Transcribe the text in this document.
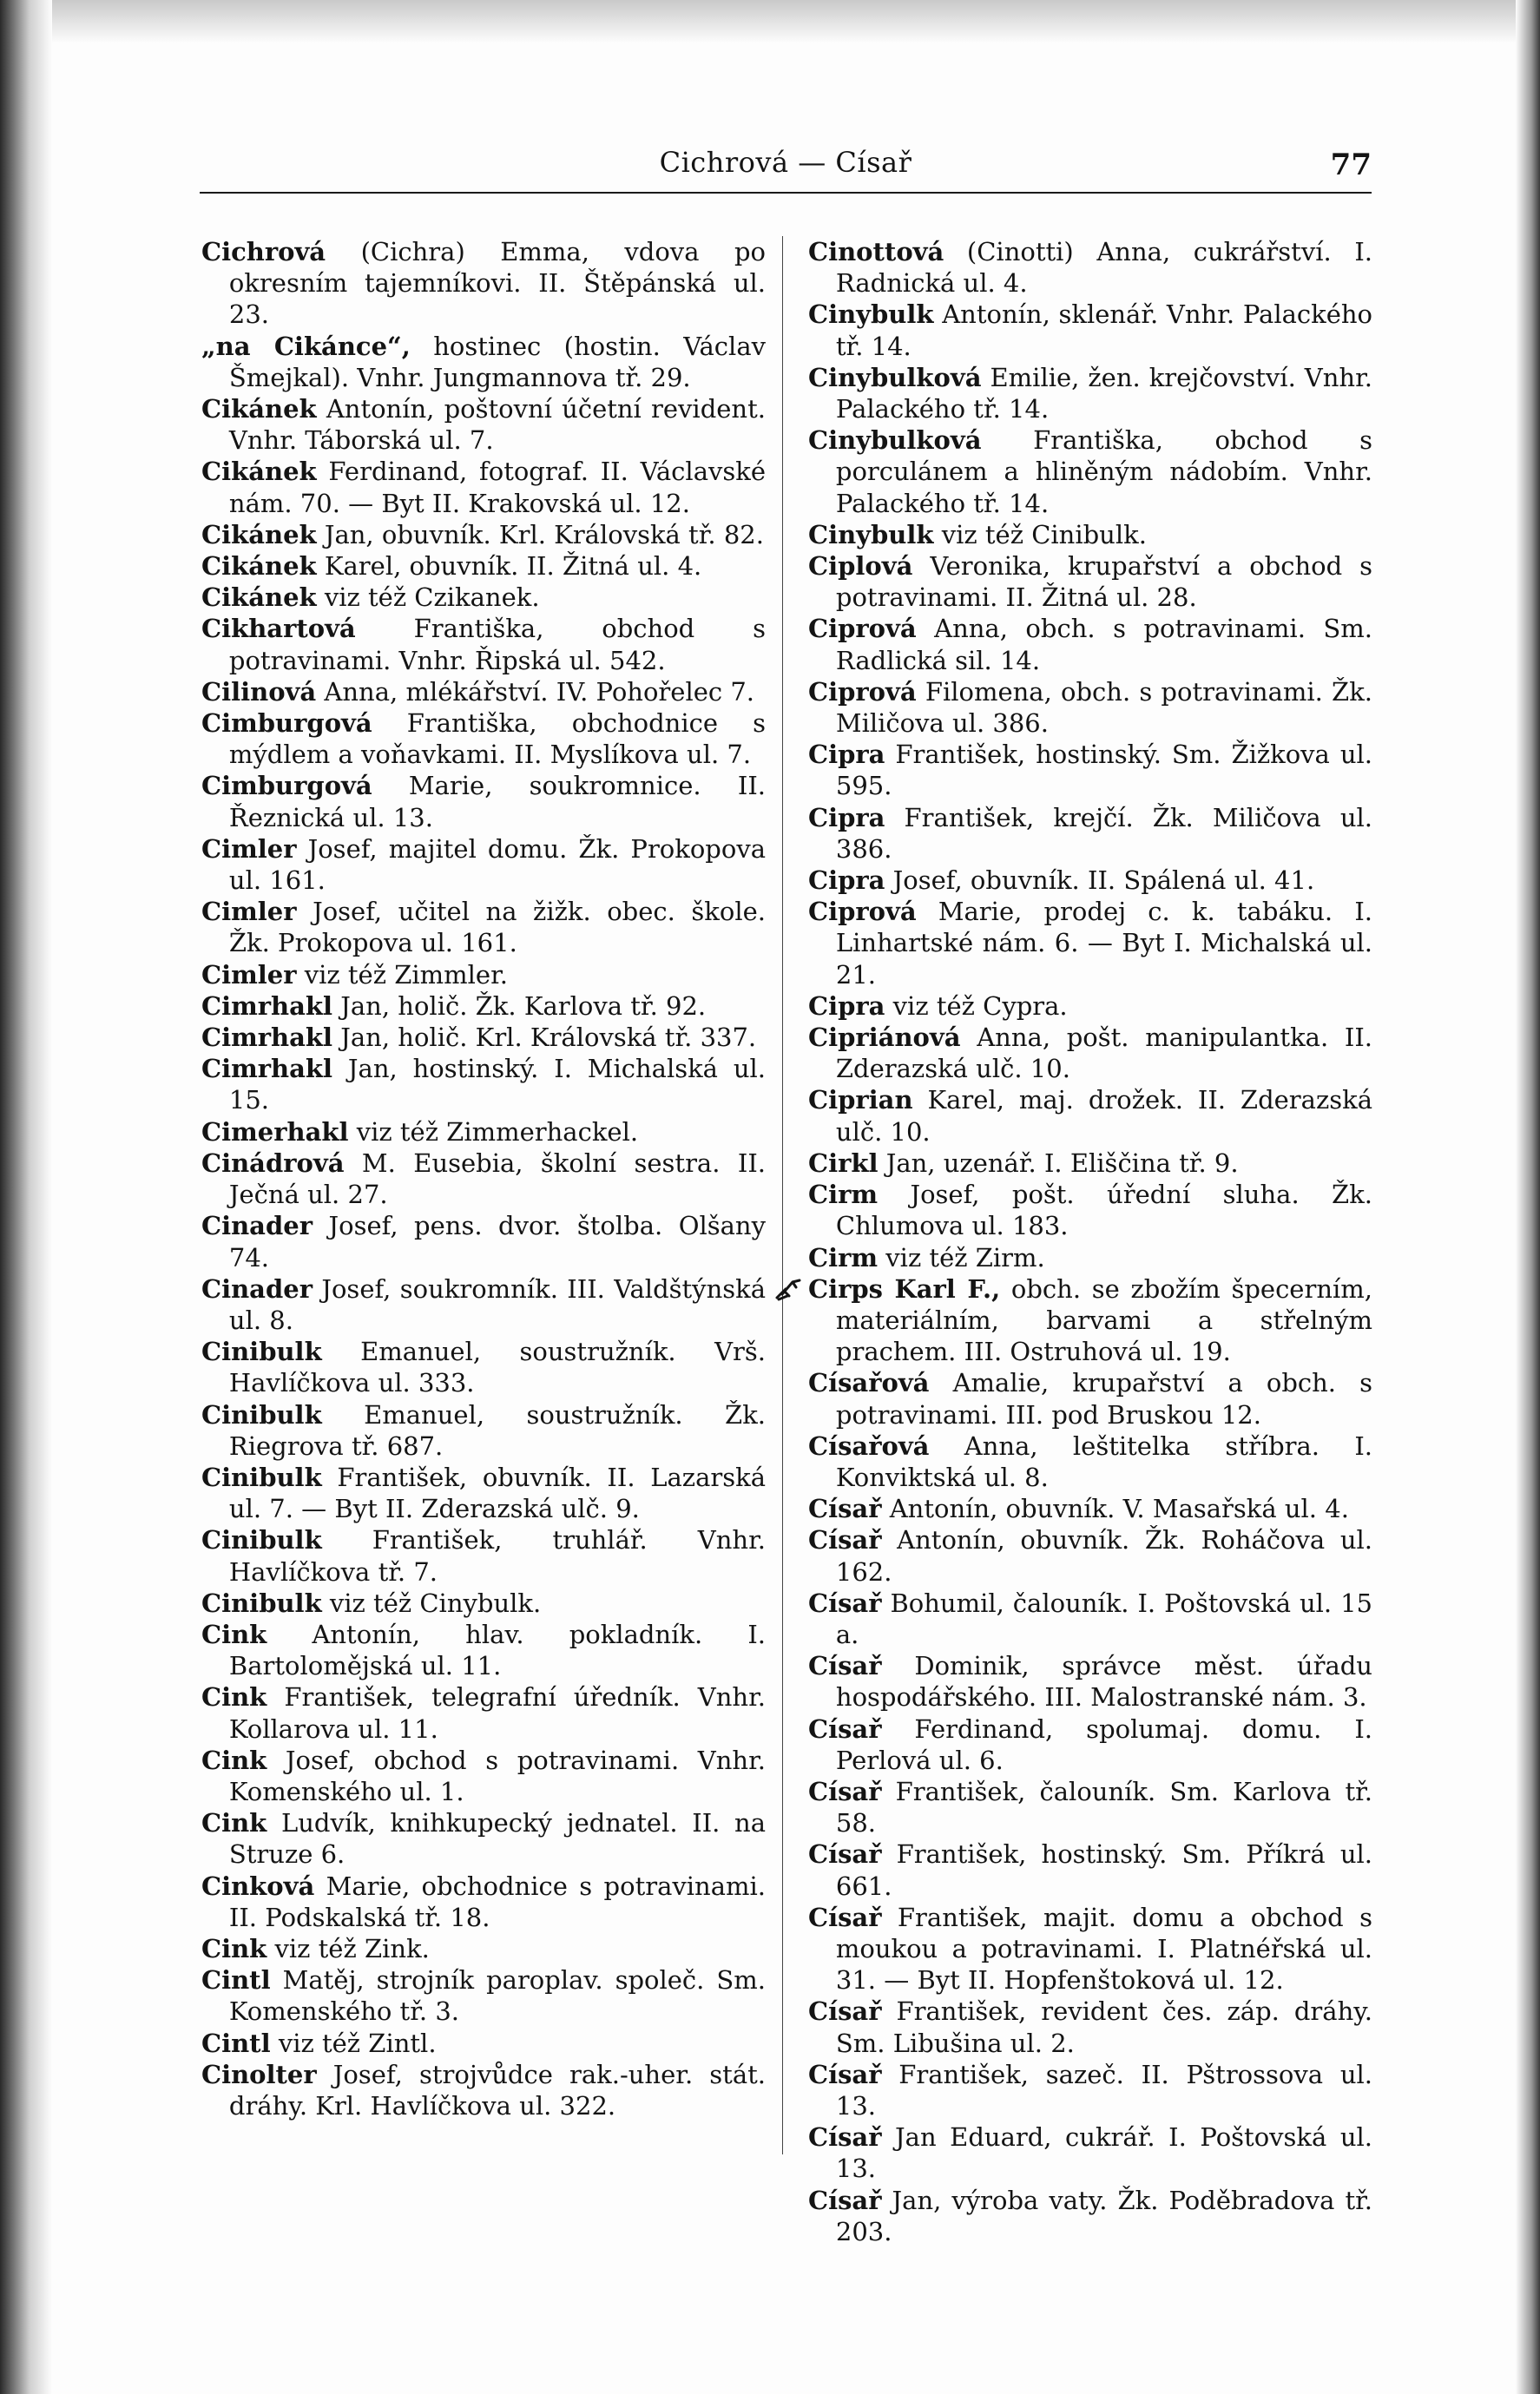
Cichrová — Císař	77

Cichrová (Cichra) Emma, vdova po okresním tajemníkovi. II. Štěpánská ul. 23.

„na Cikánce“, hostinec (hostin. Václav Šmejkal). Vnhr. Jungmannova tř. 29.

Cikánek Antonín, poštovní účetní revident. Vnhr. Táborská ul. 7.

Cikánek Ferdinand, fotograf. II. Václavské nám. 70. — Byt II. Krakovská ul. 12.

Cikánek Jan, obuvník. Krl. Královská tř. 82.

Cikánek Karel, obuvník. II. Žitná ul. 4.

Cikánek viz též Czikanek.

Cikhartová Františka, obchod s potravinami. Vnhr. Řipská ul. 542.

Cilinová Anna, mlékářství. IV. Pohořelec 7.

Cimburgová Františka, obchodnice s mýdlem a voňavkami. II. Myslíkova ul. 7.

Cimburgová Marie, soukromnice. II. Řeznická ul. 13.

Cimler Josef, majitel domu. Žk. Prokopova ul. 161.

Cimler Josef, učitel na žižk. obec. škole. Žk. Prokopova ul. 161.

Cimler viz též Zimmler.

Cimrhakl Jan, holič. Žk. Karlova tř. 92.

Cimrhakl Jan, holič. Krl. Královská tř. 337.

Cimrhakl Jan, hostinský. I. Michalská ul. 15.

Cimerhakl viz též Zimmerhackel.

Cinádrová M. Eusebia, školní sestra. II. Ječná ul. 27.

Cinader Josef, pens. dvor. štolba. Olšany 74.

Cinader Josef, soukromník. III. Valdštýnská ul. 8.

Cinibulk Emanuel, soustružník. Vrš. Havlíčkova ul. 333.

Cinibulk Emanuel, soustružník. Žk. Riegrova tř. 687.

Cinibulk František, obuvník. II. Lazarská ul. 7. — Byt II. Zderazská ulč. 9.

Cinibulk František, truhlář. Vnhr. Havlíčkova tř. 7.

Cinibulk viz též Cinybulk.

Cink Antonín, hlav. pokladník. I. Bartolomějská ul. 11.

Cink František, telegrafní úředník. Vnhr. Kollarova ul. 11.

Cink Josef, obchod s potravinami. Vnhr. Komenského ul. 1.

Cink Ludvík, knihkupecký jednatel. II. na Struze 6.

Cinková Marie, obchodnice s potravinami. II. Podskalská tř. 18.

Cink viz též Zink.

Cintl Matěj, strojník paroplav. společ. Sm. Komenského tř. 3.

Cintl viz též Zintl.

Cinolter Josef, strojvůdce rak.-uher. stát. dráhy. Krl. Havlíčkova ul. 322.

Cinottová (Cinotti) Anna, cukrářství. I. Radnická ul. 4.

Cinybulk Antonín, sklenář. Vnhr. Palackého tř. 14.

Cinybulková Emilie, žen. krejčovství. Vnhr. Palackého tř. 14.

Cinybulková Františka, obchod s porculánem a hliněným nádobím. Vnhr. Palackého tř. 14.

Cinybulk viz též Cinibulk.

Ciplová Veronika, krupařství a obchod s potravinami. II. Žitná ul. 28.

Ciprová Anna, obch. s potravinami. Sm. Radlická sil. 14.

Ciprová Filomena, obch. s potravinami. Žk. Miličova ul. 386.

Cipra František, hostinský. Sm. Žižkova ul. 595.

Cipra František, krejčí. Žk. Miličova ul. 386.

Cipra Josef, obuvník. II. Spálená ul. 41.

Ciprová Marie, prodej c. k. tabáku. I. Linhartské nám. 6. — Byt I. Michalská ul. 21.

Cipra viz též Cypra.

Cipriánová Anna, pošt. manipulantka. II. Zderazská ulč. 10.

Ciprian Karel, maj. drožek. II. Zderazská ulč. 10.

Cirkl Jan, uzenář. I. Eliščina tř. 9.

Cirm Josef, pošt. úřední sluha. Žk. Chlumova ul. 183.

Cirm viz též Zirm.

Cirps Karl F., obch. se zbožím špecerním, materiálním, barvami a střelným prachem. III. Ostruhová ul. 19.

Císařová Amalie, krupařství a obch. s potravinami. III. pod Bruskou 12.

Císařová Anna, leštitelka stříbra. I. Konviktská ul. 8.

Císař Antonín, obuvník. V. Masařská ul. 4.

Císař Antonín, obuvník. Žk. Roháčova ul. 162.

Císař Bohumil, čalouník. I. Poštovská ul. 15 a.

Císař Dominik, správce měst. úřadu hospodářského. III. Malostranské nám. 3.

Císař Ferdinand, spolumaj. domu. I. Perlová ul. 6.

Císař František, čalouník. Sm. Karlova tř. 58.

Císař František, hostinský. Sm. Příkrá ul. 661.

Císař František, majit. domu a obchod s moukou a potravinami. I. Platnéřská ul. 31. — Byt II. Hopfenštoková ul. 12.

Císař František, revident čes. záp. dráhy. Sm. Libušina ul. 2.

Císař František, sazeč. II. Pštrossova ul. 13.

Císař Jan Eduard, cukrář. I. Poštovská ul. 13.

Císař Jan, výroba vaty. Žk. Poděbradova tř. 203.
